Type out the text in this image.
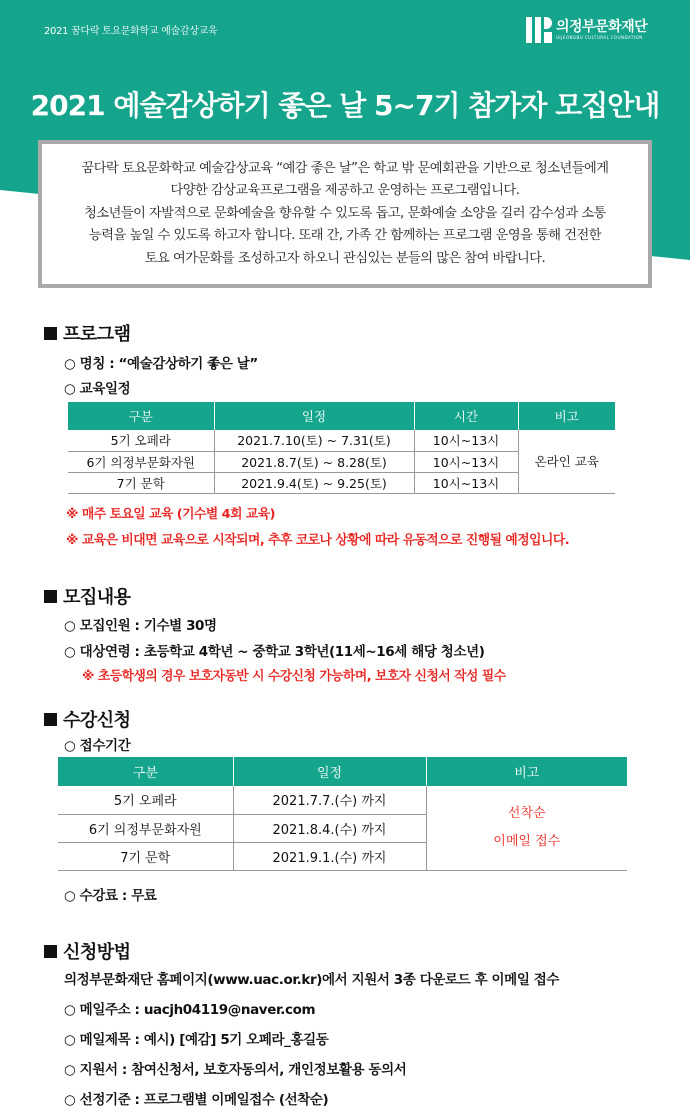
2021 꿈다락 토요문화학교 예술감상교육	의정부문화재단
UIJEONGBU CULTURAL FOUNDATION
2021 예술감상하기 좋은 날 5~7기 참가자 모집안내

꿈다락 토요문화학교 예술감상교육 “예감 좋은 날”은 학교 밖 문예회관을 기반으로 청소년들에게

다양한 감상교육프로그램을 제공하고 운영하는 프로그램입니다.

청소년들이 자발적으로 문화예술을 향유할 수 있도록 돕고, 문화예술 소양을 길러 감수성과 소통

능력을 높일 수 있도록 하고자 합니다. 또래 간, 가족 간 함께하는 프로그램 운영을 통해 건전한

토요 여가문화를 조성하고자 하오니 관심있는 분들의 많은 참여 바랍니다.

프로그램
○ 명칭 : “예술감상하기 좋은 날”
○ 교육일정
구분	일정	시간	비고
5기 오페라	2021.7.10(토) ~ 7.31(토)	10시~13시	온라인 교육
6기 의정부문화자원	2021.8.7(토) ~ 8.28(토)	10시~13시	
7기 문학	2021.9.4(토) ~ 9.25(토)	10시~13시	
※ 매주 토요일 교육 (기수별 4회 교육)
※ 교육은 비대면 교육으로 시작되며, 추후 코로나 상황에 따라 유동적으로 진행될 예정입니다.
모집내용
○ 모집인원 : 기수별 30명
○ 대상연령 : 초등학교 4학년 ~ 중학교 3학년(11세~16세 해당 청소년)
※ 초등학생의 경우 보호자동반 시 수강신청 가능하며, 보호자 신청서 작성 필수
수강신청
○ 접수기간
구분	일정	비고
5기 오페라	2021.7.7.(수) 까지	선착순
이메일 접수

6기 의정부문화자원	2021.8.4.(수) 까지	
7기 문학	2021.9.1.(수) 까지	
○ 수강료 : 무료
신청방법
의정부문화재단 홈페이지(www.uac.or.kr)에서 지원서 3종 다운로드 후 이메일 접수
○ 메일주소 : uacjh04119@naver.com
○ 메일제목 : 예시) [예감] 5기 오페라_홍길동
○ 지원서 : 참여신청서, 보호자동의서, 개인정보활용 동의서
○ 선정기준 : 프로그램별 이메일접수 (선착순)
